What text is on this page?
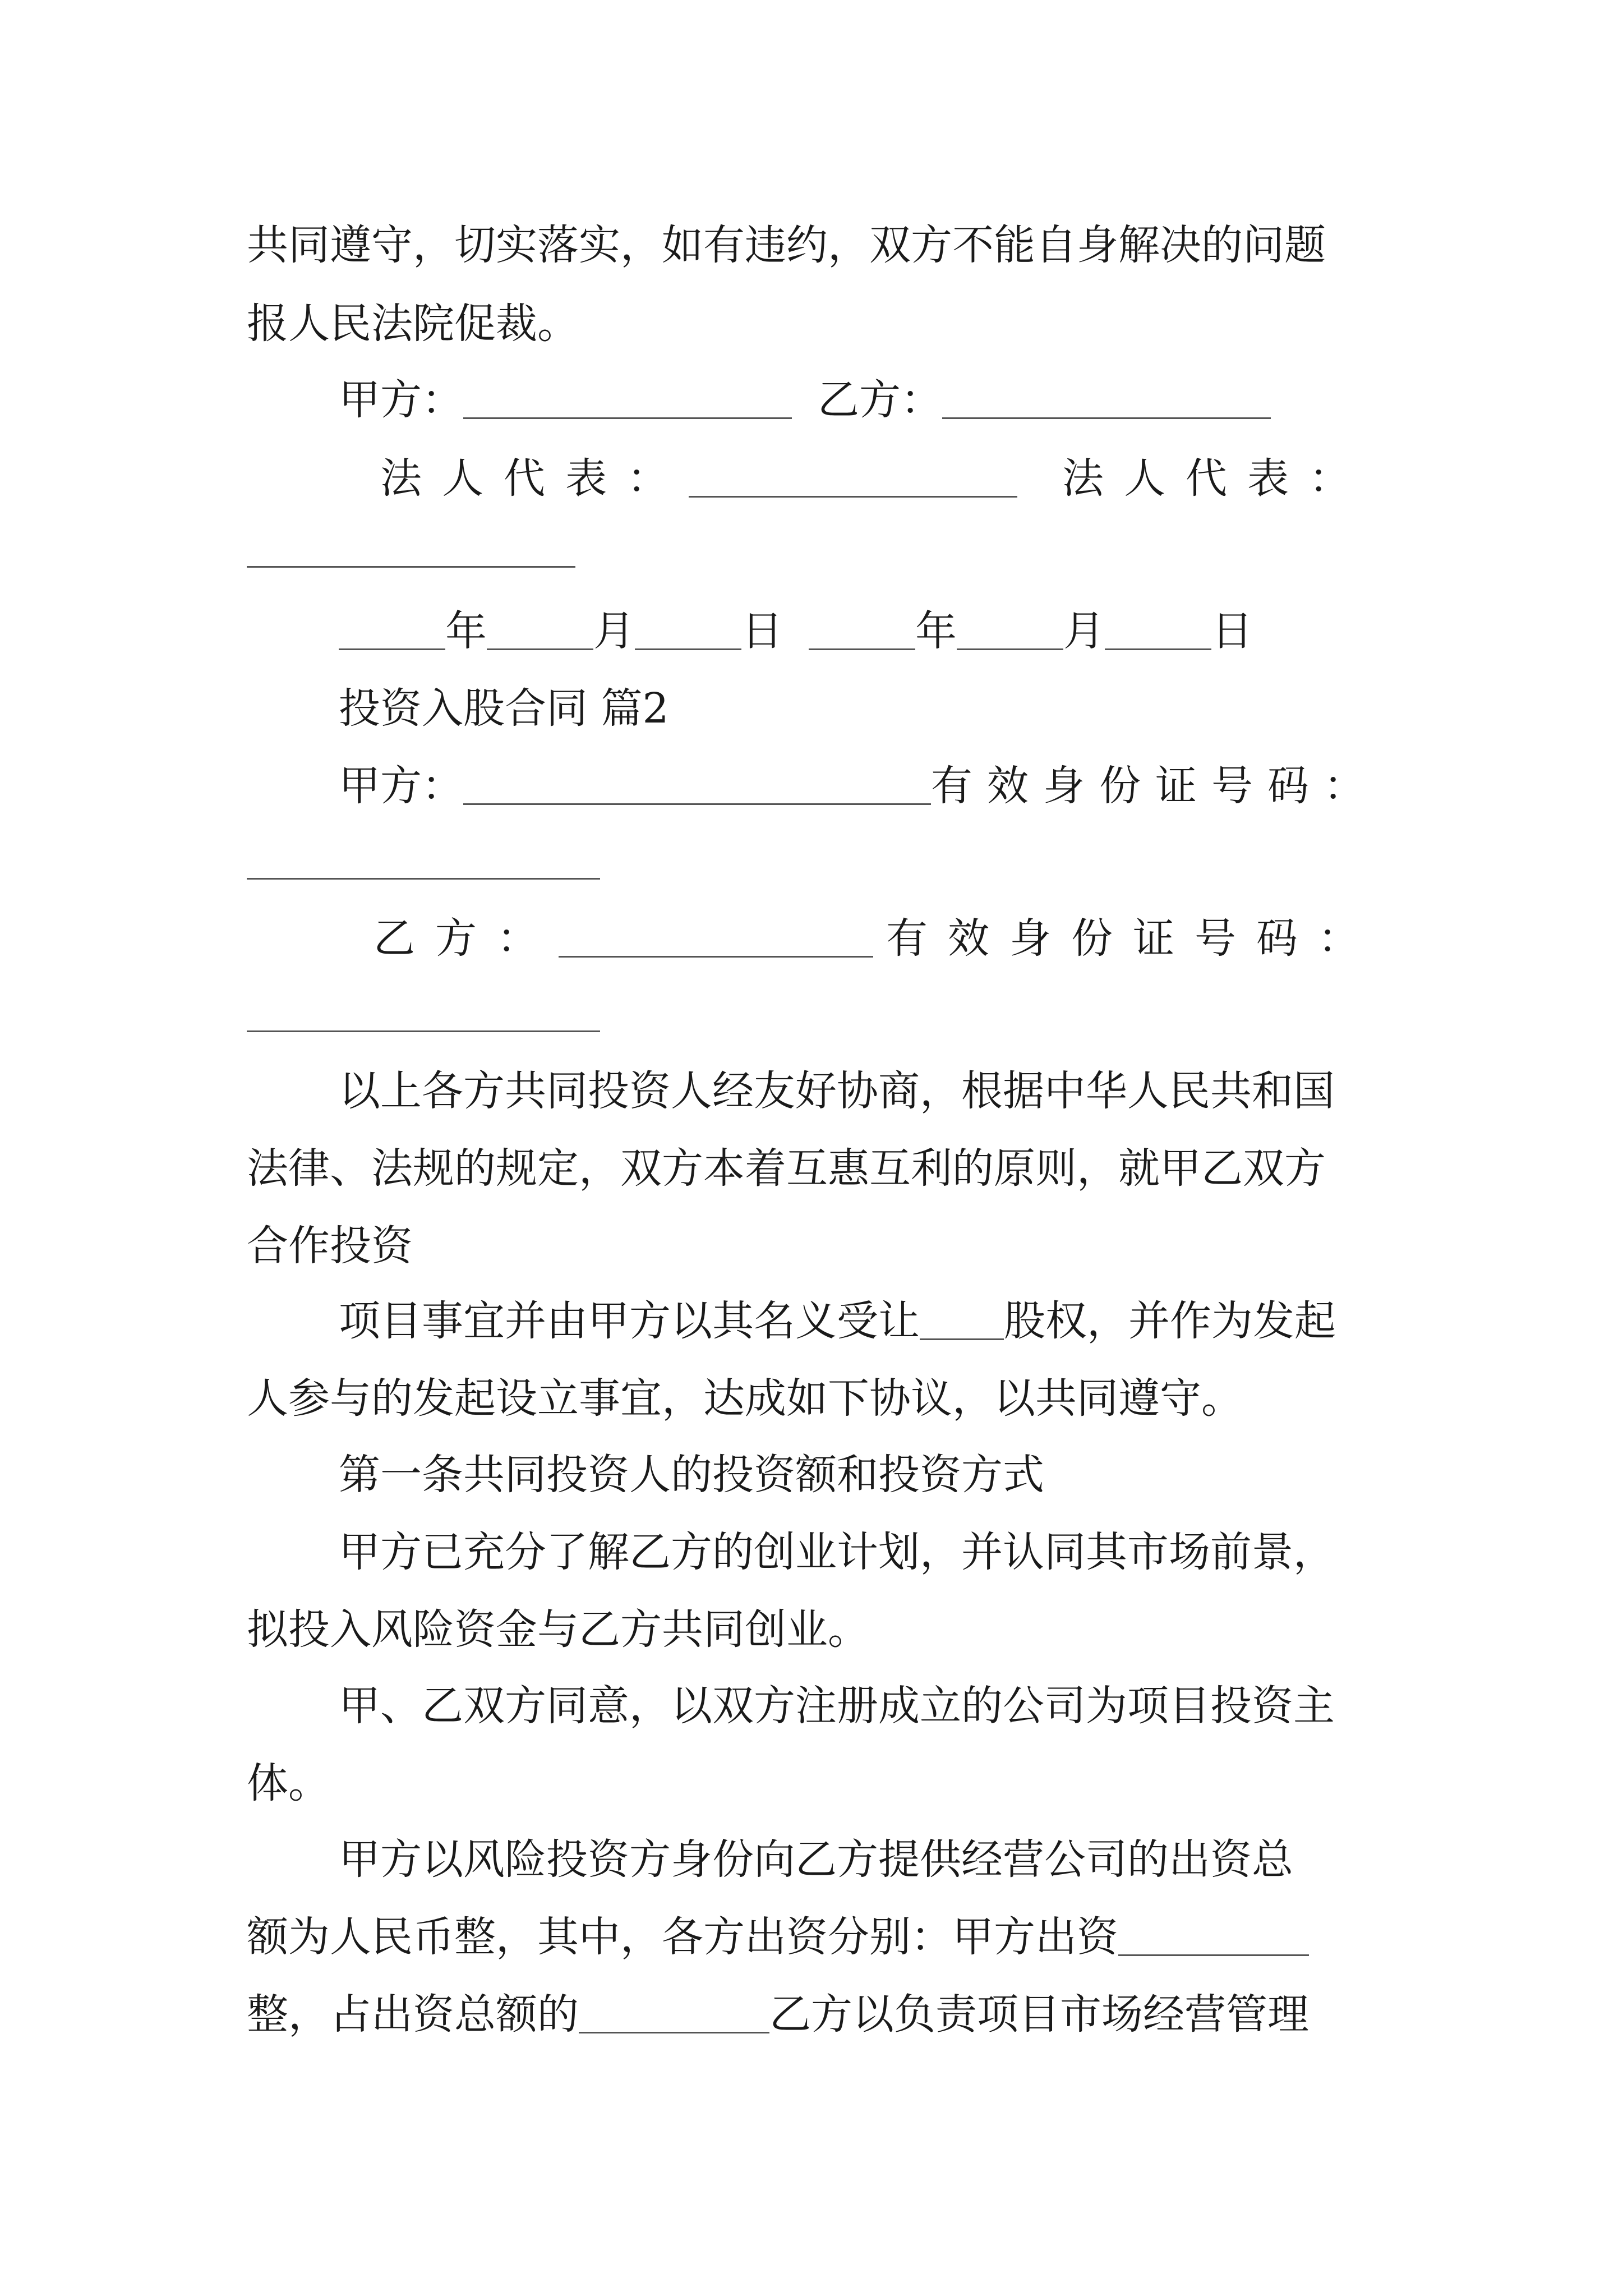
共同遵守，切实落实，如有违约，双方不能自身解决的问题
报人民法院促裁。
甲方：	乙方：
法人代表：	法人代表：
年	月	日	年	月	日
投资入股合同 篇2
甲方：	有效身份证号码：
乙方：	有效身份证号码：
以上各方共同投资人经友好协商，根据中华人民共和国
法律、法规的规定，双方本着互惠互利的原则，就甲乙双方
合作投资
项目事宜并由甲方以其名义受让 股权，并作为发起
人参与的发起设立事宜，达成如下协议，以共同遵守。
第一条共同投资人的投资额和投资方式
甲方已充分了解乙方的创业计划，并认同其市场前景，
拟投入风险资金与乙方共同创业。
甲、乙双方同意，以双方注册成立的公司为项目投资主
体。
甲方以风险投资方身份向乙方提供经营公司的出资总
额为人民币整，其中，各方出资分别：甲方出资
整，占出资总额的	乙方以负责项目市场经营管理
